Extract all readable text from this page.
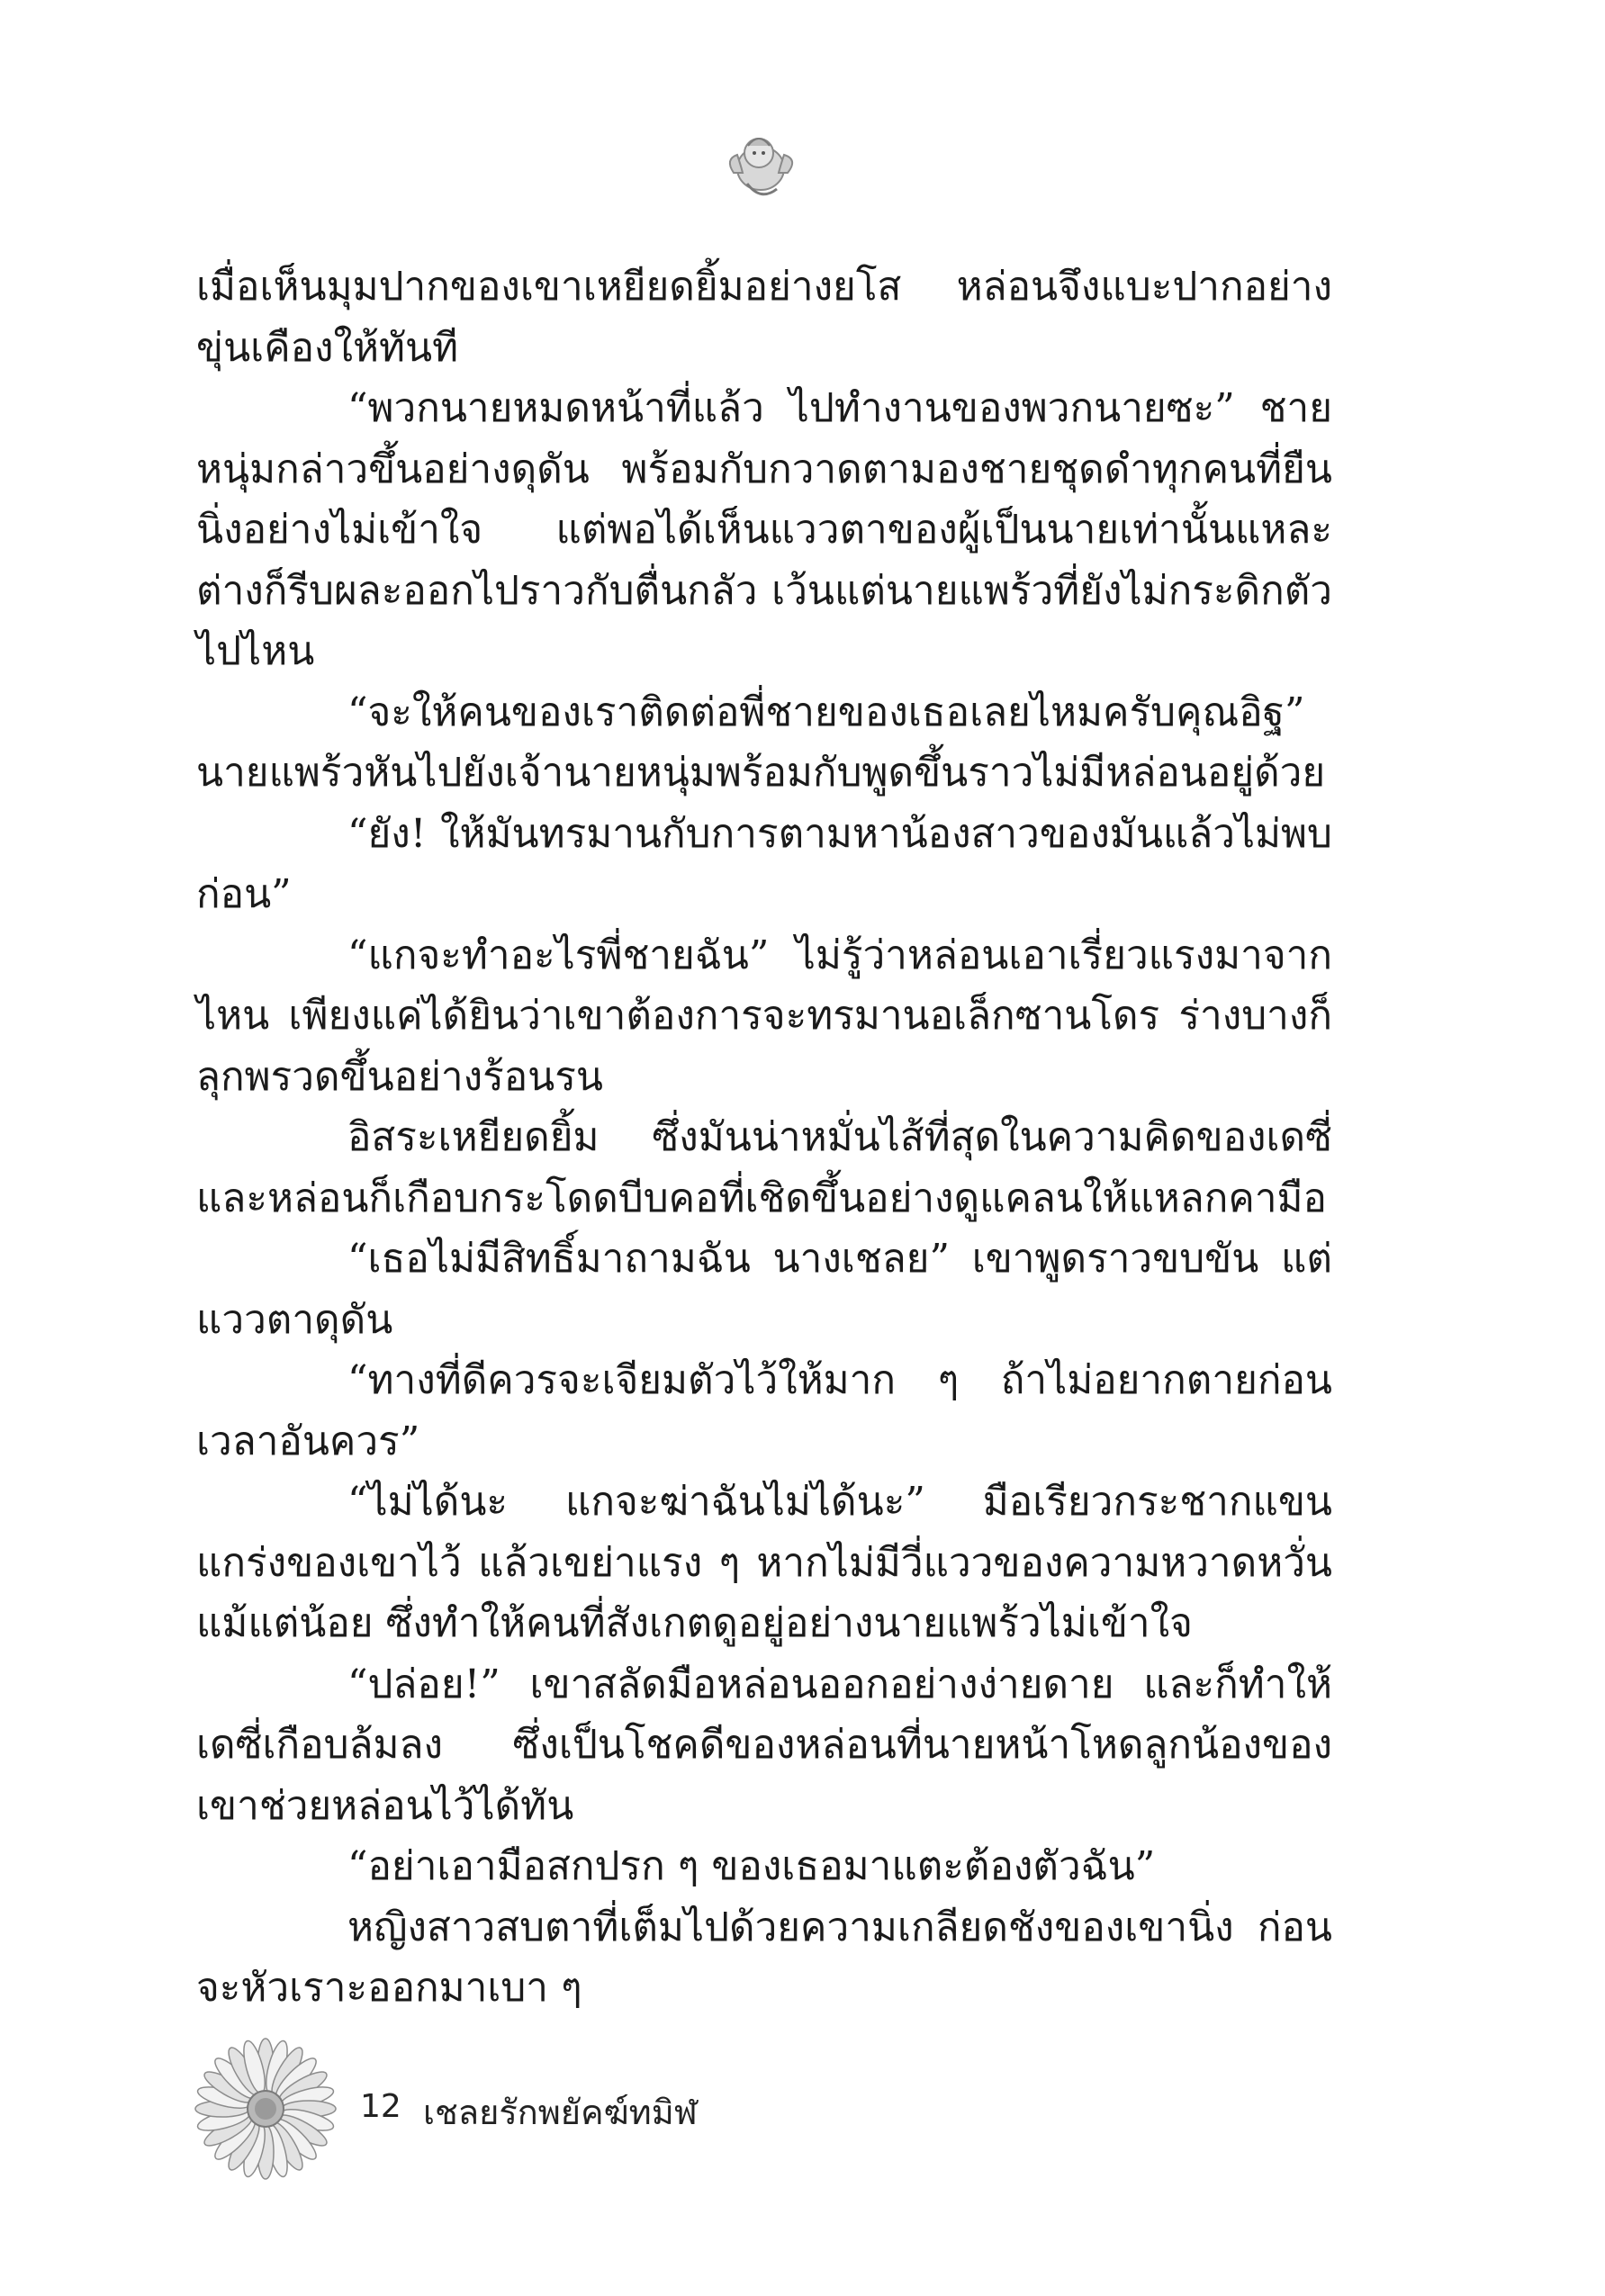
เมื่อเห็นมุมปากของเขาเหยียดยิ้มอย่างยโส หล่อนจึงแบะปากอย่างขุ่นเคืองให้ทันที

“พวกนายหมดหน้าที่แล้ว ไปทำงานของพวกนายซะ” ชายหนุ่มกล่าวขึ้นอย่างดุดัน พร้อมกับกวาดตามองชายชุดดำทุกคนที่ยืนนิ่งอย่างไม่เข้าใจ แต่พอได้เห็นแววตาของผู้เป็นนายเท่านั้นแหละ ต่างก็รีบผละออกไปราวกับตื่นกลัว เว้นแต่นายแพร้วที่ยังไม่กระดิกตัวไปไหน

“จะให้คนของเราติดต่อพี่ชายของเธอเลยไหมครับคุณอิฐ” นายแพร้วหันไปยังเจ้านายหนุ่มพร้อมกับพูดขึ้นราวไม่มีหล่อนอยู่ด้วย

“ยัง! ให้มันทรมานกับการตามหาน้องสาวของมันแล้วไม่พบก่อน”

“แกจะทำอะไรพี่ชายฉัน” ไม่รู้ว่าหล่อนเอาเรี่ยวแรงมาจากไหน เพียงแค่ได้ยินว่าเขาต้องการจะทรมานอเล็กซานโดร ร่างบางก็ลุกพรวดขึ้นอย่างร้อนรน

อิสระเหยียดยิ้ม ซึ่งมันน่าหมั่นไส้ที่สุดในความคิดของเดซี่ และหล่อนก็เกือบกระโดดบีบคอที่เชิดขึ้นอย่างดูแคลนให้แหลกคามือ

“เธอไม่มีสิทธิ์มาถามฉัน นางเชลย” เขาพูดราวขบขัน แต่แววตาดุดัน

“ทางที่ดีควรจะเจียมตัวไว้ให้มาก ๆ ถ้าไม่อยากตายก่อนเวลาอันควร”

“ไม่ได้นะ แกจะฆ่าฉันไม่ได้นะ” มือเรียวกระชากแขนแกร่งของเขาไว้ แล้วเขย่าแรง ๆ หากไม่มีวี่แววของความหวาดหวั่นแม้แต่น้อย ซึ่งทำให้คนที่สังเกตดูอยู่อย่างนายแพร้วไม่เข้าใจ

“ปล่อย!” เขาสลัดมือหล่อนออกอย่างง่ายดาย และก็ทำให้เดซี่เกือบล้มลง ซึ่งเป็นโชคดีของหล่อนที่นายหน้าโหดลูกน้องของเขาช่วยหล่อนไว้ได้ทัน

“อย่าเอามือสกปรก ๆ ของเธอมาแตะต้องตัวฉัน”

หญิงสาวสบตาที่เต็มไปด้วยความเกลียดชังของเขานิ่ง ก่อนจะหัวเราะออกมาเบา ๆ

12 เชลยรักพยัคฆ์ทมิฬ
